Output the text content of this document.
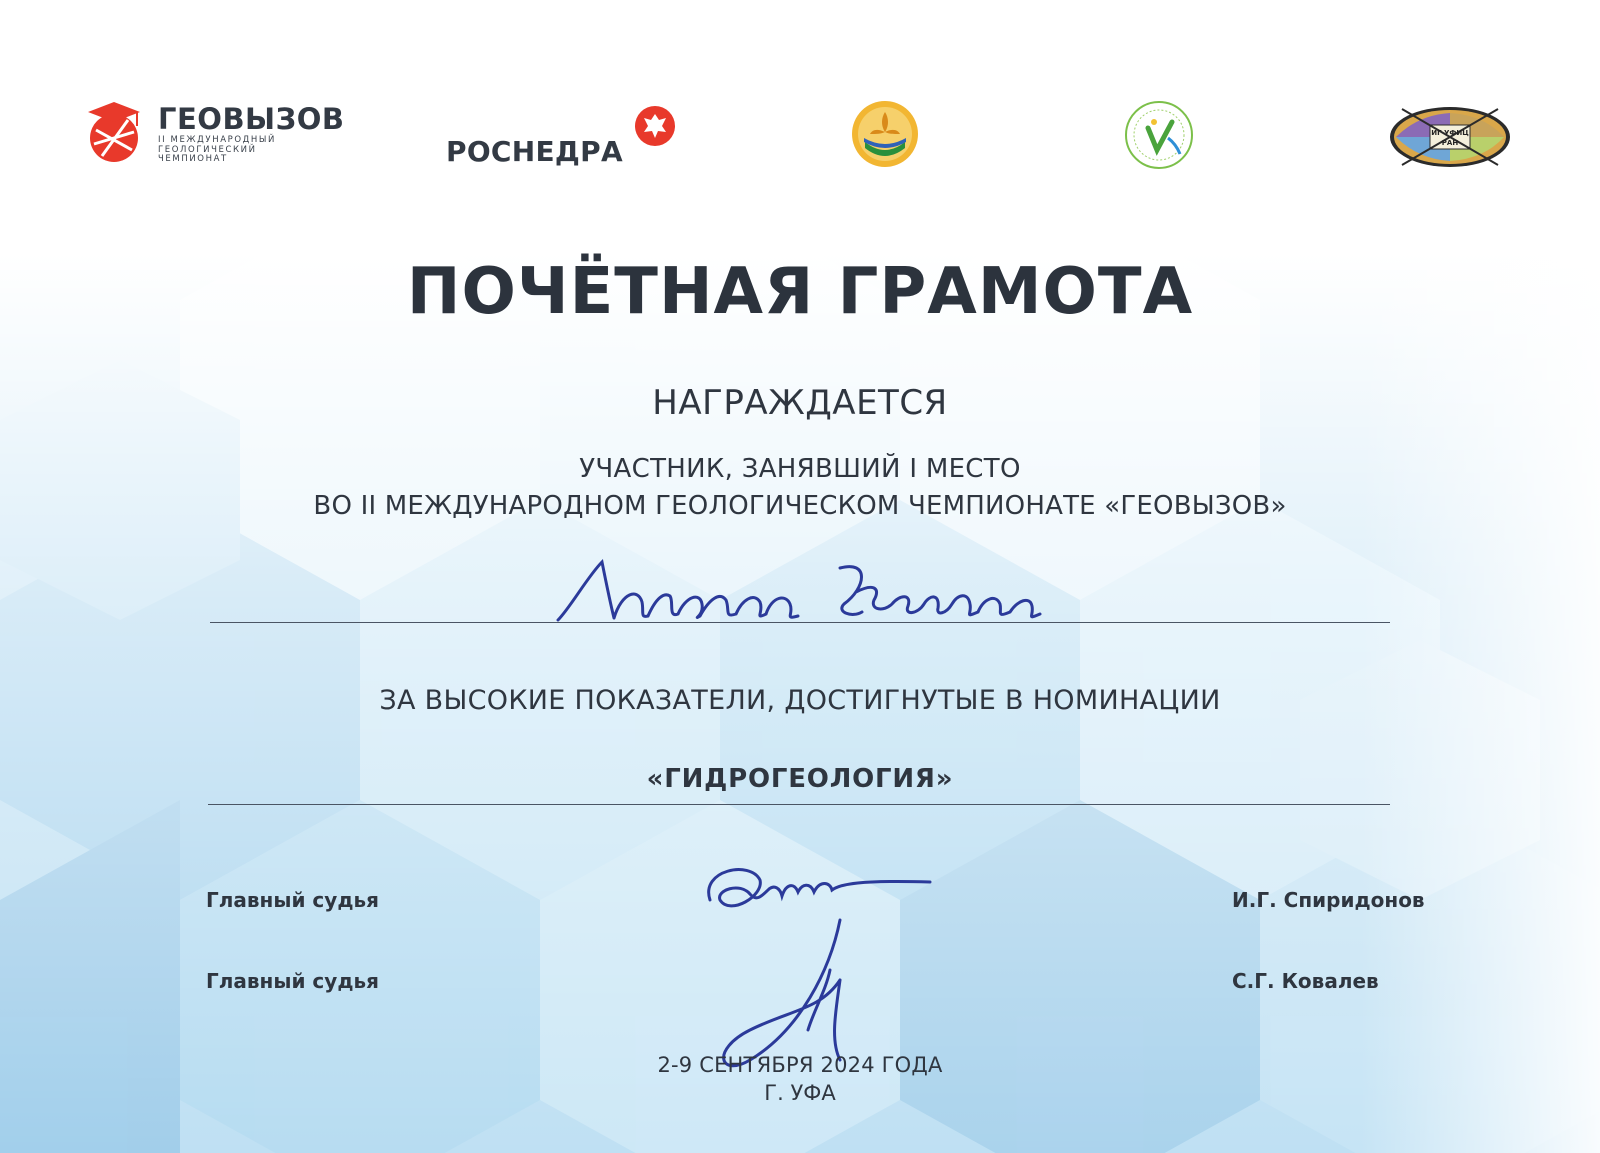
ГЕОВЫЗОВ
II МЕЖДУНАРОДНЫЙ
ГЕОЛОГИЧЕСКИЙ
ЧЕМПИОНАТ	РОСНЕДРА
ИГ УФИЦ
РАН
ПОЧЁТНАЯ ГРАМОТА
НАГРАЖДАЕТСЯ
УЧАСТНИК, ЗАНЯВШИЙ I МЕСТО
ВО II МЕЖДУНАРОДНОМ ГЕОЛОГИЧЕСКОМ ЧЕМПИОНАТЕ «ГЕОВЫЗОВ»
Ларионова Ксения
ЗА ВЫСОКИЕ ПОКАЗАТЕЛИ, ДОСТИГНУТЫЕ В НОМИНАЦИИ
«ГИДРОГЕОЛОГИЯ»
Главный судья
Главный судья
И.Г. Спиридонов
С.Г. Ковалев
2-9 СЕНТЯБРЯ 2024 ГОДА
Г. УФА
